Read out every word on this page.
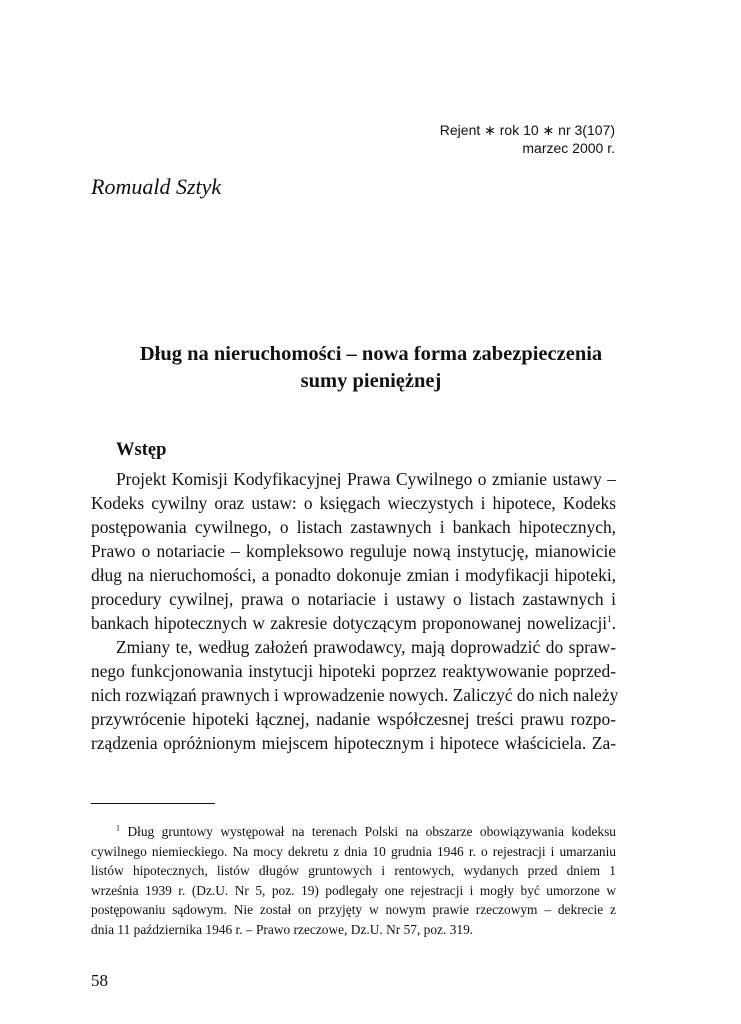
Rejent ∗ rok 10 ∗ nr 3(107)
marzec 2000 r.
Romuald Sztyk
Dług na nieruchomości – nowa forma zabezpieczenia
sumy pieniężnej
Wstęp
Projekt Komisji Kodyfikacyjnej Prawa Cywilnego o zmianie ustawy –
Kodeks cywilny oraz ustaw: o księgach wieczystych i hipotece, Kodeks
postępowania cywilnego, o listach zastawnych i bankach hipotecznych,
Prawo o notariacie – kompleksowo reguluje nową instytucję, mianowicie
dług na nieruchomości, a ponadto dokonuje zmian i modyfikacji hipoteki,
procedury cywilnej, prawa o notariacie i ustawy o listach zastawnych i
bankach hipotecznych w zakresie dotyczącym proponowanej nowelizacji$^1$.
Zmiany te, według założeń prawodawcy, mają doprowadzić do spraw-
nego funkcjonowania instytucji hipoteki poprzez reaktywowanie poprzed-
nich rozwiązań prawnych i wprowadzenie nowych. Zaliczyć do nich należy
przywrócenie hipoteki łącznej, nadanie współczesnej treści prawu rozpo-
rządzenia opróżnionym miejscem hipotecznym i hipotece właściciela. Za-
$^1$ Dług gruntowy występował na terenach Polski na obszarze obowiązywania kodeksu
cywilnego niemieckiego. Na mocy dekretu z dnia 10 grudnia 1946 r. o rejestracji i umarzaniu
listów hipotecznych, listów długów gruntowych i rentowych, wydanych przed dniem 1
września 1939 r. (Dz.U. Nr 5, poz. 19) podlegały one rejestracji i mogły być umorzone w
postępowaniu sądowym. Nie został on przyjęty w nowym prawie rzeczowym – dekrecie z
dnia 11 października 1946 r. – Prawo rzeczowe, Dz.U. Nr 57, poz. 319.
58
